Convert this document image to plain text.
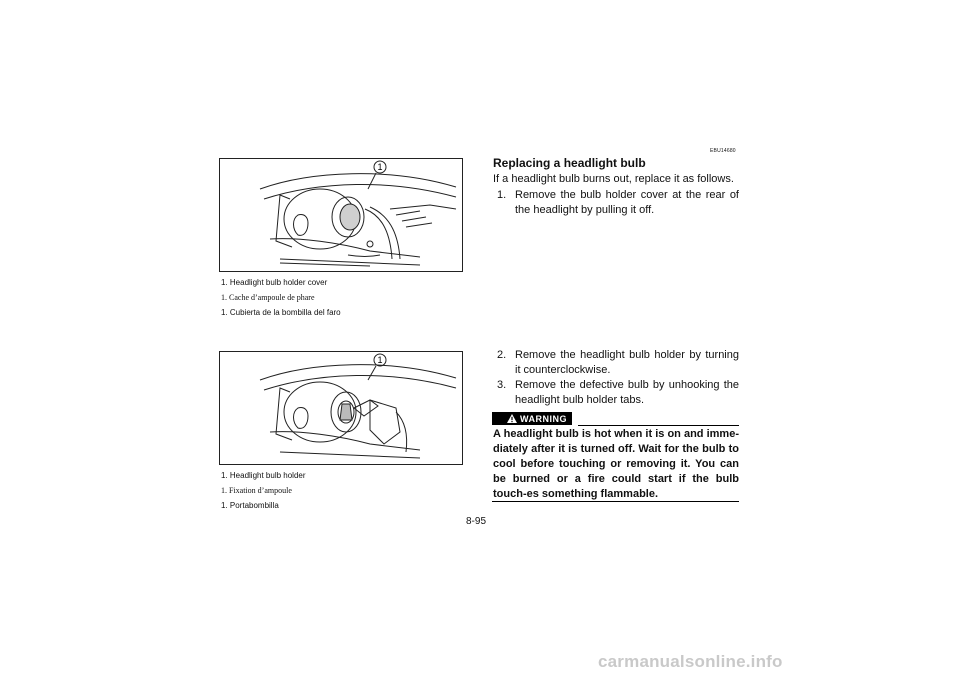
1
1. Headlight bulb holder cover
1. Cache d’ampoule de phare
1. Cubierta de la bombilla del faro
1
1. Headlight bulb holder
1. Fixation d’ampoule
1. Portabombilla
EBU14680
Replacing a headlight bulb
If a headlight bulb burns out, replace it as follows.
1. Remove the bulb holder cover at the rear of the headlight by pulling it off.
2. Remove the headlight bulb holder by turning it counterclockwise.
3. Remove the defective bulb by unhooking the headlight bulb holder tabs.
WARNING
A headlight bulb is hot when it is on and imme-diately after it is turned off. Wait for the bulb to cool before touching or removing it. You can be burned or a fire could start if the bulb touch-es something flammable.
8-95
carmanualsonline.info
